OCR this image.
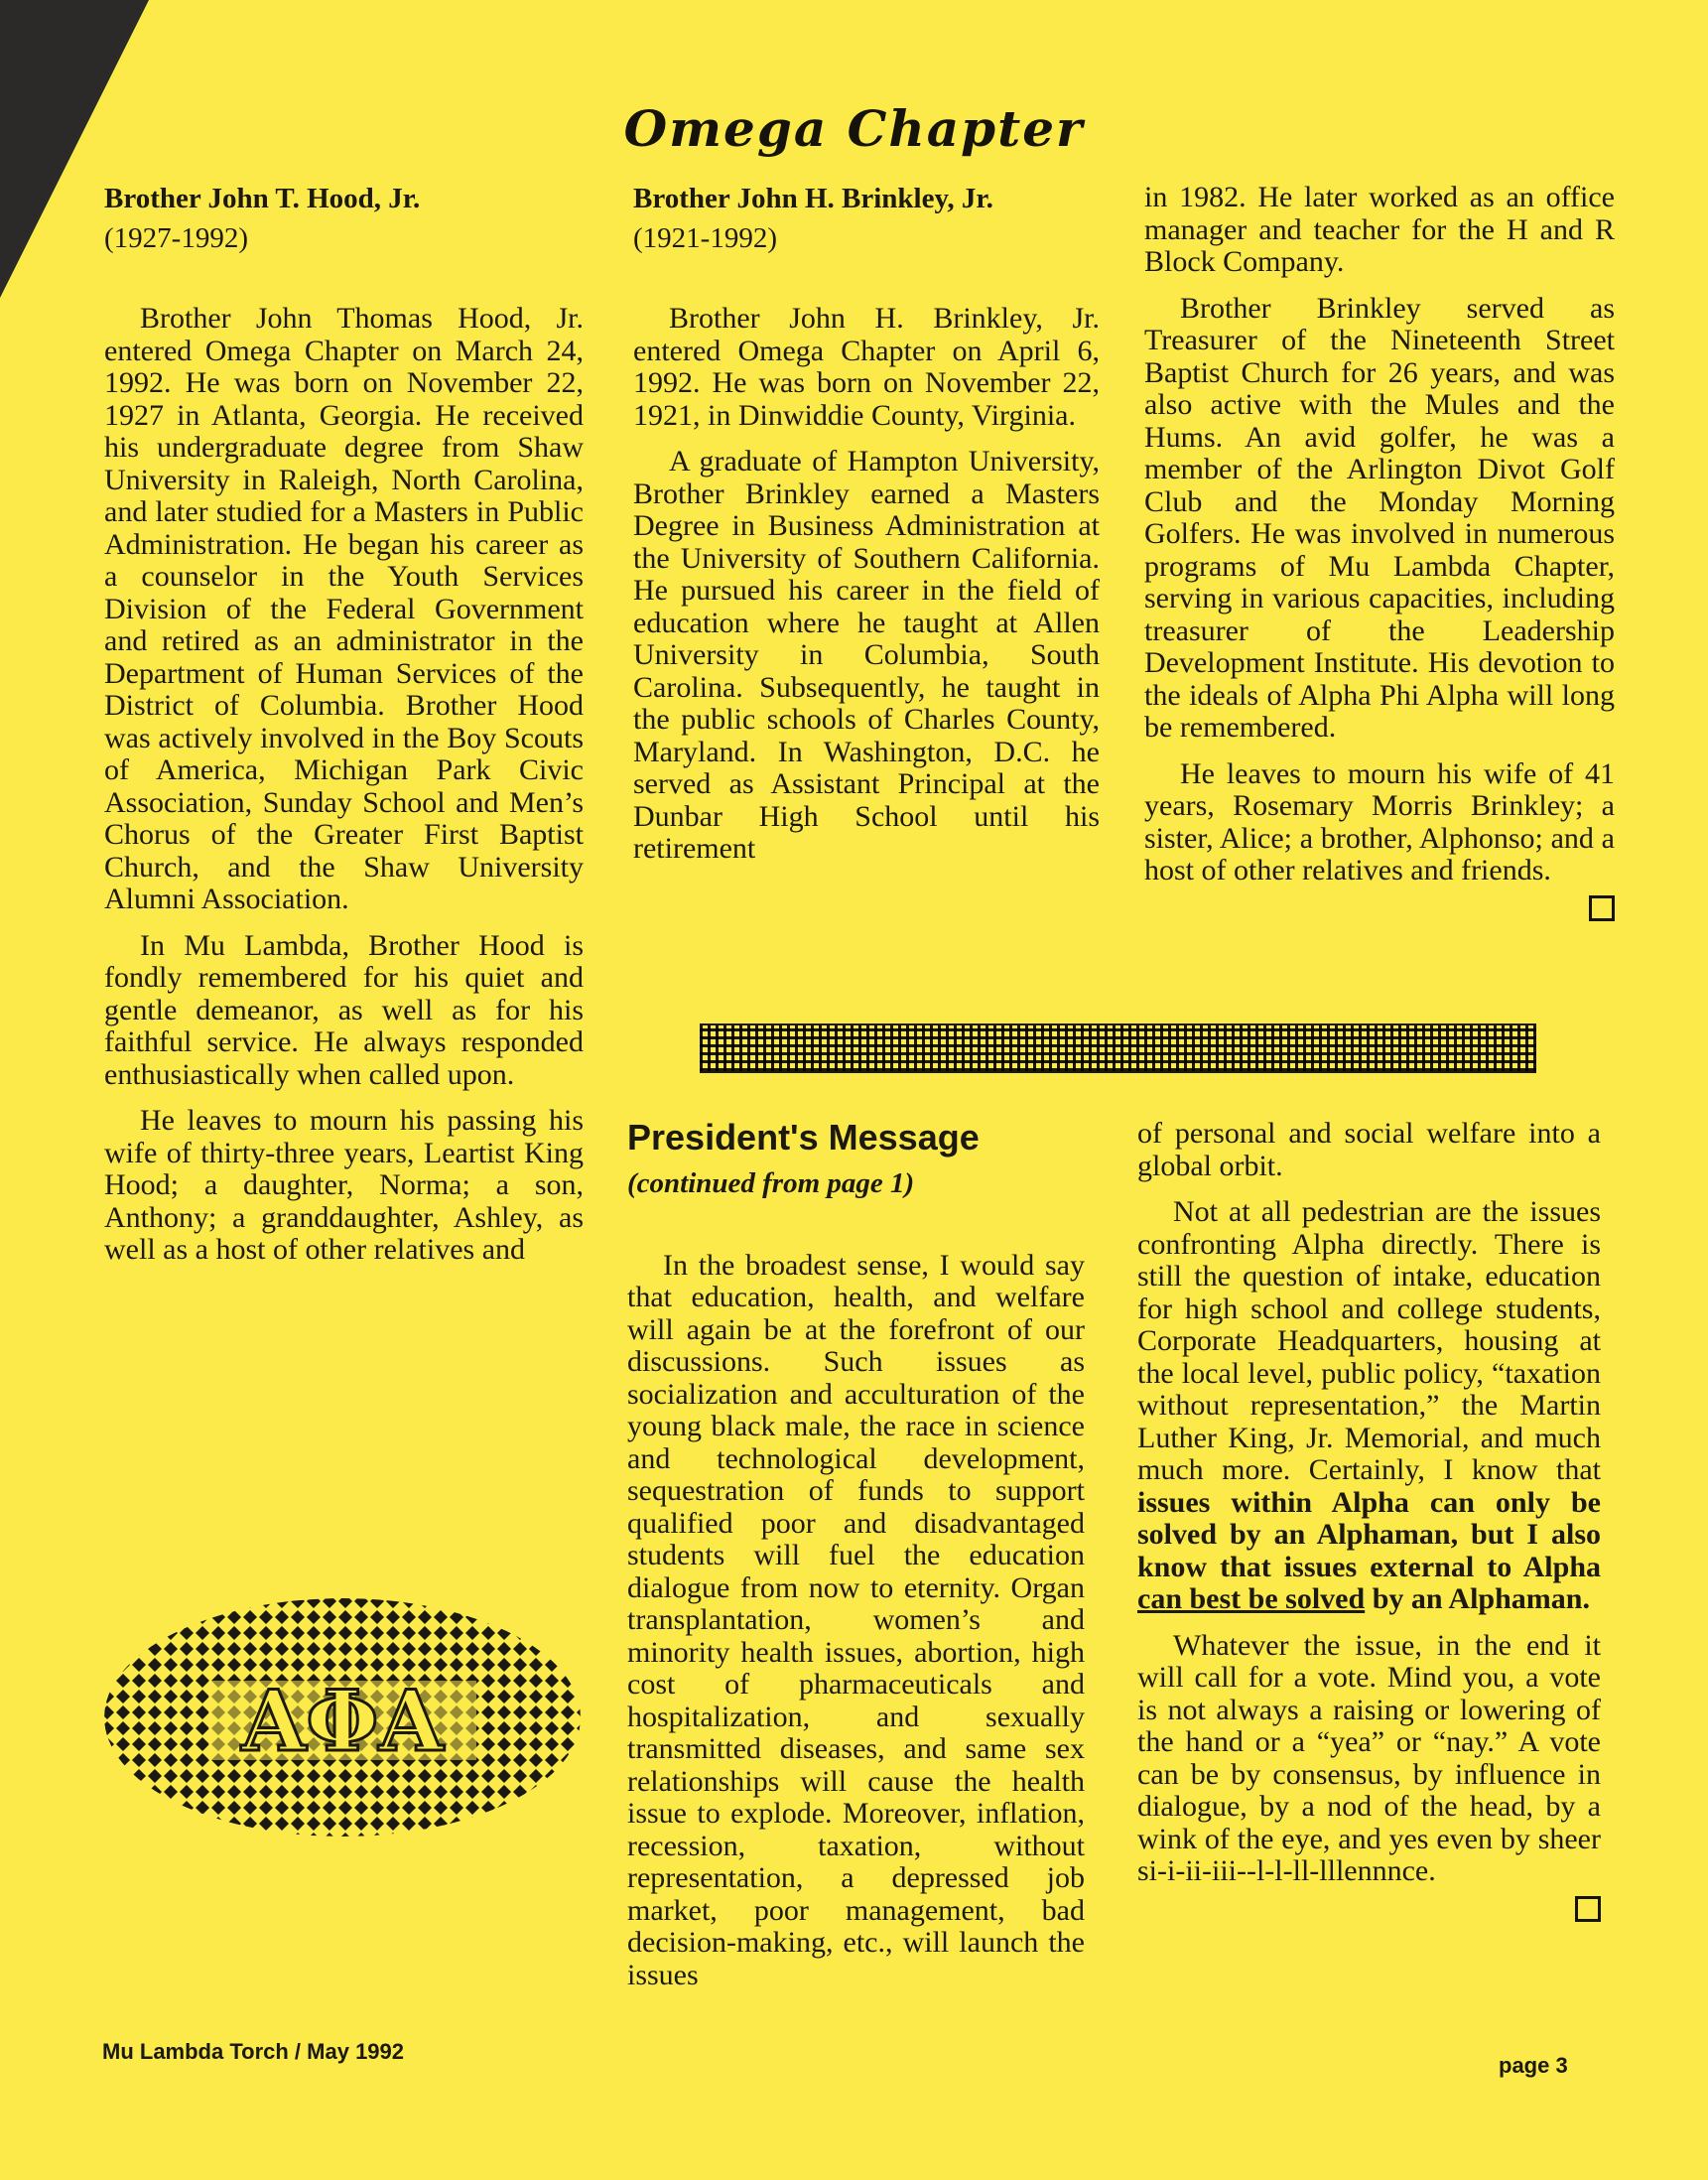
Omega Chapter
Brother John T. Hood, Jr.
(1927-1992)

Brother John Thomas Hood, Jr. entered Omega Chapter on March 24, 1992. He was born on November 22, 1927 in Atlanta, Georgia. He received his undergraduate degree from Shaw University in Raleigh, North Carolina, and later studied for a Masters in Public Administration. He began his career as a counselor in the Youth Services Division of the Federal Government and retired as an administrator in the Department of Human Services of the District of Columbia. Brother Hood was actively involved in the Boy Scouts of America, Michigan Park Civic Association, Sunday School and Men’s Chorus of the Greater First Baptist Church, and the Shaw University Alumni Association.

In Mu Lambda, Brother Hood is fondly remembered for his quiet and gentle demeanor, as well as for his faithful service. He always responded enthusiastically when called upon.

He leaves to mourn his passing his wife of thirty-three years, Leartist King Hood; a daughter, Norma; a son, Anthony; a granddaughter, Ashley, as well as a host of other relatives and

Brother John H. Brinkley, Jr.
(1921-1992)

Brother John H. Brinkley, Jr. entered Omega Chapter on April 6, 1992. He was born on November 22, 1921, in Dinwiddie County, Virginia.

A graduate of Hampton University, Brother Brinkley earned a Masters Degree in Business Administration at the University of Southern California. He pursued his career in the field of education where he taught at Allen University in Columbia, South Carolina. Subsequently, he taught in the public schools of Charles County, Maryland. In Washington, D.C. he served as Assistant Principal at the Dunbar High School until his retirement

in 1982. He later worked as an office manager and teacher for the H and R Block Company.

Brother Brinkley served as Treasurer of the Nineteenth Street Baptist Church for 26 years, and was also active with the Mules and the Hums. An avid golfer, he was a member of the Arlington Divot Golf Club and the Monday Morning Golfers. He was involved in numerous programs of Mu Lambda Chapter, serving in various capacities, including treasurer of the Leadership Development Institute. His devotion to the ideals of Alpha Phi Alpha will long be remembered.

He leaves to mourn his wife of 41 years, Rosemary Morris Brinkley; a sister, Alice; a brother, Alphonso; and a host of other relatives and friends.

President's Message
(continued from page 1)

In the broadest sense, I would say that education, health, and welfare will again be at the forefront of our discussions. Such issues as socialization and acculturation of the young black male, the race in science and technological development, sequestration of funds to support qualified poor and disadvantaged students will fuel the education dialogue from now to eternity. Organ transplantation, women’s and minority health issues, abortion, high cost of pharmaceuticals and hospitalization, and sexually transmitted diseases, and same sex relationships will cause the health issue to explode. Moreover, inflation, recession, taxation, without representation, a depressed job market, poor management, bad decision-making, etc., will launch the issues

of personal and social welfare into a global orbit.

Not at all pedestrian are the issues confronting Alpha directly. There is still the question of intake, education for high school and college students, Corporate Headquarters, housing at the local level, public policy, “taxation without representation,” the Martin Luther King, Jr. Memorial, and much much more. Certainly, I know that issues within Alpha can only be solved by an Alphaman, but I also know that issues external to Alpha can best be solved by an Alphaman.

Whatever the issue, in the end it will call for a vote. Mind you, a vote is not always a raising or lowering of the hand or a “yea” or “nay.” A vote can be by consensus, by influence in dialogue, by a nod of the head, by a wink of the eye, and yes even by sheer si-i-ii-iii--l-l-ll-lllennnce.

ΑΦΑ
Mu Lambda Torch / May 1992
page 3
